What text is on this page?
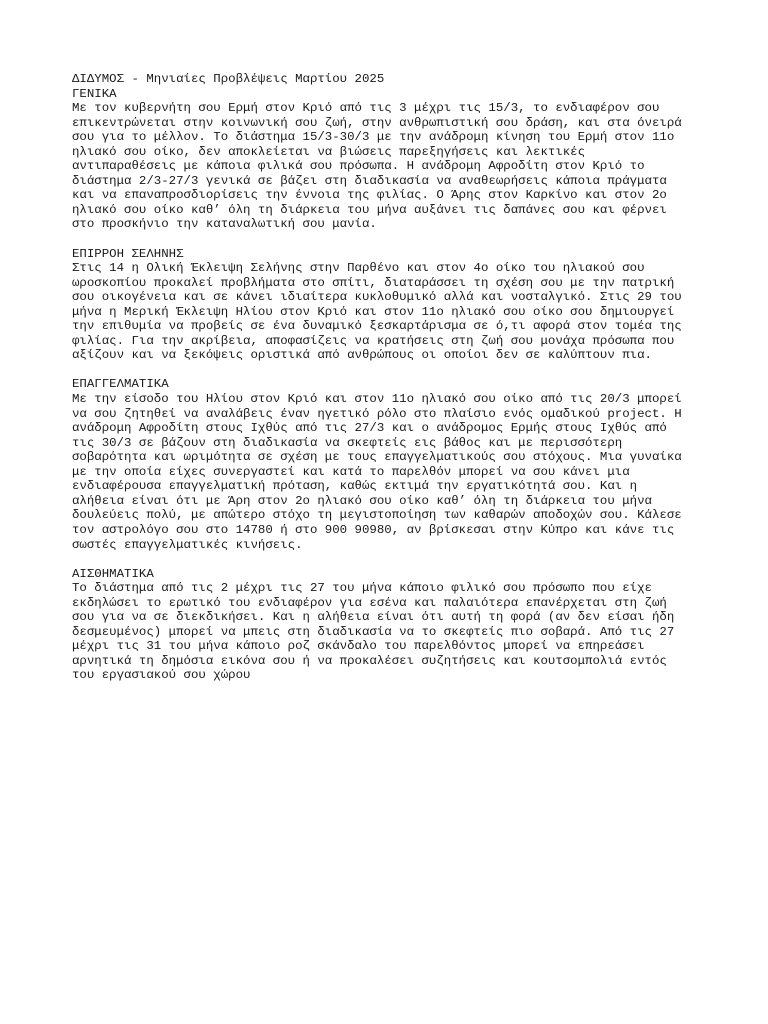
ΔΙΔΥΜΟΣ - Μηνιαίες Προβλέψεις Μαρτίου 2025
ΓΕΝΙΚΑ
Με τον κυβερνήτη σου Ερμή στον Κριό από τις 3 μέχρι τις 15/3, το ενδιαφέρον σου
επικεντρώνεται στην κοινωνική σου ζωή, στην ανθρωπιστική σου δράση, και στα όνειρά
σου για το μέλλον. Το διάστημα 15/3-30/3 με την ανάδρομη κίνηση του Ερμή στον 11ο
ηλιακό σου οίκο, δεν αποκλείεται να βιώσεις παρεξηγήσεις και λεκτικές
αντιπαραθέσεις με κάποια φιλικά σου πρόσωπα. Η ανάδρομη Αφροδίτη στον Κριό το
διάστημα 2/3-27/3 γενικά σε βάζει στη διαδικασία να αναθεωρήσεις κάποια πράγματα
και να επαναπροσδιορίσεις την έννοια της φιλίας. Ο Άρης στον Καρκίνο και στον 2ο
ηλιακό σου οίκο καθ’ όλη τη διάρκεια του μήνα αυξάνει τις δαπάνες σου και φέρνει
στο προσκήνιο την καταναλωτική σου μανία.
ΕΠΙΡΡΟΗ ΣΕΛΗΝΗΣ
Στις 14 η Ολική Έκλειψη Σελήνης στην Παρθένο και στον 4ο οίκο του ηλιακού σου
ωροσκοπίου προκαλεί προβλήματα στο σπίτι, διαταράσσει τη σχέση σου με την πατρική
σου οικογένεια και σε κάνει ιδιαίτερα κυκλοθυμικό αλλά και νοσταλγικό. Στις 29 του
μήνα η Μερική Έκλειψη Ηλίου στον Κριό και στον 11ο ηλιακό σου οίκο σου δημιουργεί
την επιθυμία να προβείς σε ένα δυναμικό ξεσκαρτάρισμα σε ό,τι αφορά στον τομέα της
φιλίας. Για την ακρίβεια, αποφασίζεις να κρατήσεις στη ζωή σου μονάχα πρόσωπα που
αξίζουν και να ξεκόψεις οριστικά από ανθρώπους οι οποίοι δεν σε καλύπτουν πια.
ΕΠΑΓΓΕΛΜΑΤΙΚΑ
Με την είσοδο του Ηλίου στον Κριό και στον 11ο ηλιακό σου οίκο από τις 20/3 μπορεί
να σου ζητηθεί να αναλάβεις έναν ηγετικό ρόλο στο πλαίσιο ενός ομαδικού project. Η
ανάδρομη Αφροδίτη στους Ιχθύς από τις 27/3 και ο ανάδρομος Ερμής στους Ιχθύς από
τις 30/3 σε βάζουν στη διαδικασία να σκεφτείς εις βάθος και με περισσότερη
σοβαρότητα και ωριμότητα σε σχέση με τους επαγγελματικούς σου στόχους. Μια γυναίκα
με την οποία είχες συνεργαστεί και κατά το παρελθόν μπορεί να σου κάνει μια
ενδιαφέρουσα επαγγελματική πρόταση, καθώς εκτιμά την εργατικότητά σου. Και η
αλήθεια είναι ότι με Άρη στον 2ο ηλιακό σου οίκο καθ’ όλη τη διάρκεια του μήνα
δουλεύεις πολύ, με απώτερο στόχο τη μεγιστοποίηση των καθαρών αποδοχών σου. Κάλεσε
τον αστρολόγο σου στο 14780 ή στο 900 90980, αν βρίσκεσαι στην Κύπρο και κάνε τις
σωστές επαγγελματικές κινήσεις.
ΑΙΣΘΗΜΑΤΙΚΑ
Το διάστημα από τις 2 μέχρι τις 27 του μήνα κάποιο φιλικό σου πρόσωπο που είχε
εκδηλώσει το ερωτικό του ενδιαφέρον για εσένα και παλαιότερα επανέρχεται στη ζωή
σου για να σε διεκδικήσει. Και η αλήθεια είναι ότι αυτή τη φορά (αν δεν είσαι ήδη
δεσμευμένος) μπορεί να μπεις στη διαδικασία να το σκεφτείς πιο σοβαρά. Από τις 27
μέχρι τις 31 του μήνα κάποιο ροζ σκάνδαλο του παρελθόντος μπορεί να επηρεάσει
αρνητικά τη δημόσια εικόνα σου ή να προκαλέσει συζητήσεις και κουτσομπολιά εντός
του εργασιακού σου χώρου
